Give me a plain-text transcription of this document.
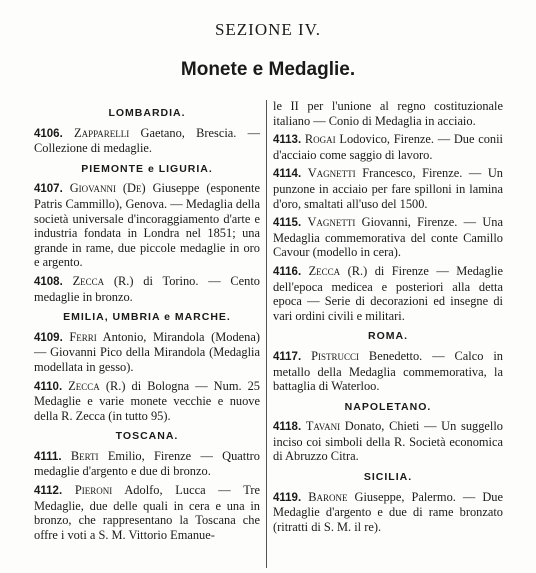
SEZIONE IV.
Monete e Medaglie.
LOMBARDIA.
4106. Zapparelli Gaetano, Brescia. — Collezione di medaglie.
PIEMONTE e LIGURIA.
4107. Giovanni (De) Giuseppe (esponente Patris Cammillo), Genova. — Medaglia della società universale d'incoraggiamento d'arte e industria fondata in Londra nel 1851; una grande in rame, due piccole medaglie in oro e argento.
4108. Zecca (R.) di Torino. — Cento medaglie in bronzo.
EMILIA, UMBRIA e MARCHE.
4109. Ferri Antonio, Mirandola (Modena) — Giovanni Pico della Mirandola (Medaglia modellata in gesso).
4110. Zecca (R.) di Bologna — Num. 25 Medaglie e varie monete vecchie e nuove della R. Zecca (in tutto 95).
TOSCANA.
4111. Berti Emilio, Firenze — Quattro medaglie d'argento e due di bronzo.
4112. Pieroni Adolfo, Lucca — Tre Medaglie, due delle quali in cera e una in bronzo, che rappresentano la Toscana che offre i voti a S. M. Vittorio Emanue-
le II per l'unione al regno costituzionale italiano — Conio di Medaglia in acciaio.
4113. Rogai Lodovico, Firenze. — Due conii d'acciaio come saggio di lavoro.
4114. Vagnetti Francesco, Firenze. — Un punzone in acciaio per fare spilloni in lamina d'oro, smaltati all'uso del 1500.
4115. Vagnetti Giovanni, Firenze. — Una Medaglia commemorativa del conte Camillo Cavour (modello in cera).
4116. Zecca (R.) di Firenze — Medaglie dell'epoca medicea e posteriori alla detta epoca — Serie di decorazioni ed insegne di vari ordini civili e militari.
ROMA.
4117. Pistrucci Benedetto. — Calco in metallo della Medaglia commemorativa, la battaglia di Waterloo.
NAPOLETANO.
4118. Tavani Donato, Chieti — Un suggello inciso coi simboli della R. Società economica di Abruzzo Citra.
SICILIA.
4119. Barone Giuseppe, Palermo. — Due Medaglie d'argento e due di rame bronzato (ritratti di S. M. il re).
